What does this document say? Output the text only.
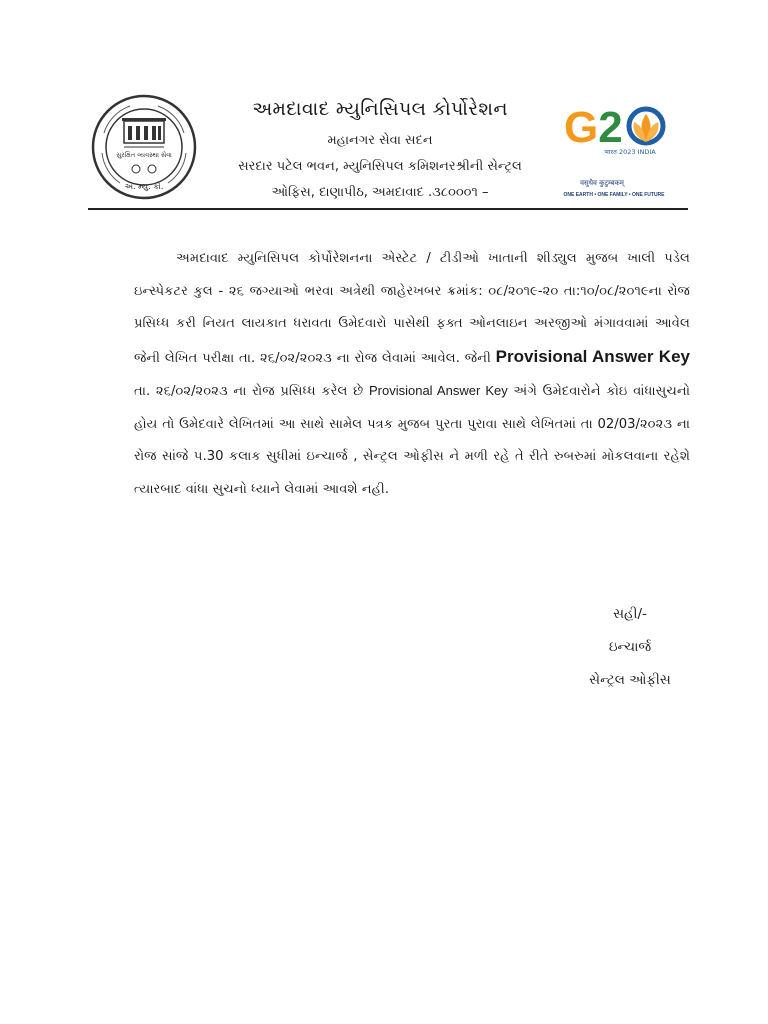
સુરક્ષિત વ્યવસ્થા સેવા
અ. મ્યુ. કો.
અમદાવાદ મ્યુનિસિપલ કોર્પોરેશન
મહાનગર સેવા સદન
સરદાર પટેલ ભવન, મ્યુનિસિપલ કમિશનરશ્રીની સેન્ટ્રલ
ઓફિસ, દાણાપીઠ, અમદાવાદ .૩૮૦૦૦૧ –
G2
भारत 2023 INDIA
वसुधैव कुटुम्बकम्
ONE EARTH • ONE FAMILY • ONE FUTURE

અમદાવાદ મ્યુનિસિપલ કોર્પોરેશનના એસ્ટેટ / ટીડીઓ ખાતાની શીડ્યુલ મુજબ ખાલી પડેલ ઇન્સ્પેકટર કુલ - ૨૬ જગ્યાઓ ભરવા અત્રેથી જાહેરખબર ક્રમાંક: ૦૮/૨૦૧૯-૨૦ તા:૧૦/૦૮/૨૦૧૯ના રોજ પ્રસિધ્ધ કરી નિયત લાયકાત ધરાવતા ઉમેદવારો પાસેથી ફક્ત ઓનલાઇન અરજીઓ મંગાવવામાં આવેલ જેની લેખિત પરીક્ષા તા. ૨૬/૦૨/૨૦૨૩ ના રોજ લેવામાં આવેલ. જેની Provisional Answer Key તા. ૨૬/૦૨/૨૦૨૩ ના રોજ પ્રસિધ્ધ કરેલ છે Provisional Answer Key અંગે ઉમેદવારોને કોઇ વાંધાસુચનો હોય તો ઉમેદવારે લેખિતમાં આ સાથે સામેલ પત્રક મુજબ પુરતા પુરાવા સાથે લેખિતમાં તા 02/03/૨૦૨૩ ના રોજ સાંજે ૫.30 કલાક સુધીમાં ઇન્ચાર્જ , સેન્ટ્રલ ઓફીસ ને મળી રહે તે રીતે રુબરુમાં મોકલવાના રહેશે ત્યારબાદ વાંધા સુચનો ધ્યાને લેવામાં આવશે નહી.

સહી/-
ઇન્ચાર્જ
સેન્ટ્રલ ઓફીસ
